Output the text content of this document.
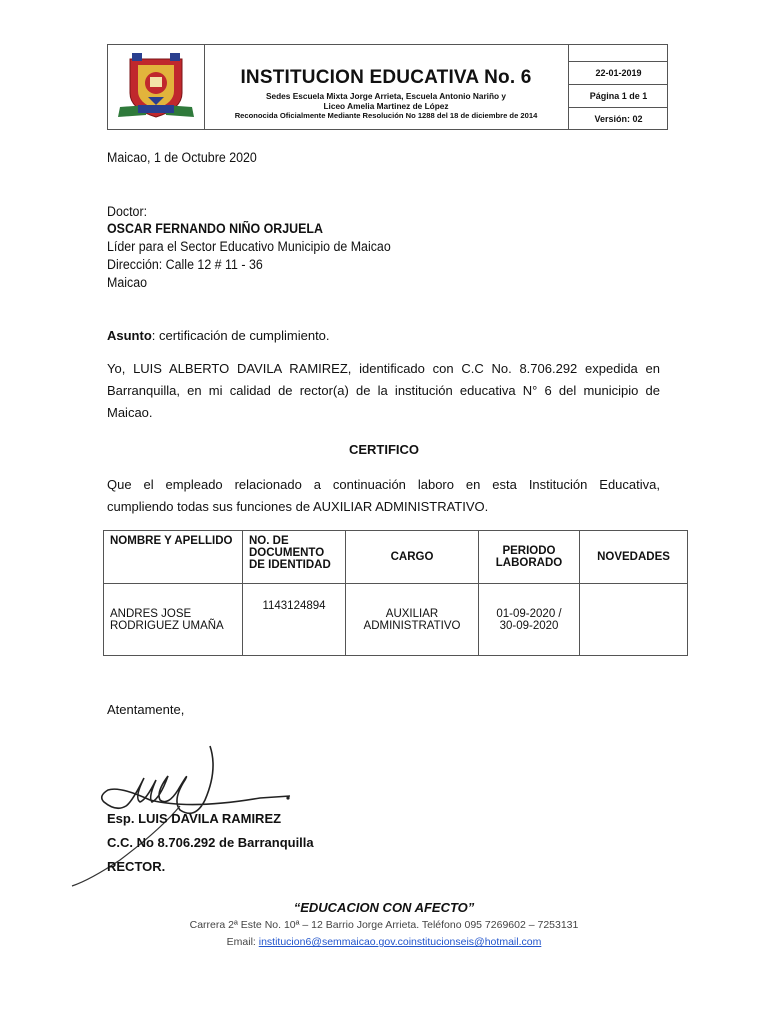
INSTITUCION EDUCATIVA No. 6
Sedes Escuela Mixta Jorge Arrieta, Escuela Antonio Nariño y
Liceo Amelia Martinez de López
Reconocida Oficialmente Mediante Resolución No 1288 del 18 de diciembre de 2014
22-01-2019
Página 1 de 1
Versión: 02
Maicao, 1 de Octubre 2020
Doctor:
OSCAR FERNANDO NIÑO ORJUELA
Líder para el Sector Educativo Municipio de Maicao
Dirección: Calle 12 # 11 - 36
Maicao
Asunto: certificación de cumplimiento.
Yo, LUIS ALBERTO DAVILA RAMIREZ, identificado con C.C No. 8.706.292 expedida en
Barranquilla, en mi calidad de rector(a) de la institución educativa N° 6 del municipio de
Maicao.
CERTIFICO
Que el empleado relacionado a continuación laboro en esta Institución Educativa,
cumpliendo todas sus funciones de AUXILIAR ADMINISTRATIVO.
NOMBRE Y APELLIDO	NO. DE
DOCUMENTO
DE IDENTIDAD	CARGO	PERIODO
LABORADO	NOVEDADES
ANDRES JOSE
RODRIGUEZ UMAÑA	1143124894	AUXILIAR
ADMINISTRATIVO	01-09-2020 /
30-09-2020	
Atentamente,
Esp. LUIS DAVILA RAMIREZ
C.C. No 8.706.292 de Barranquilla
RECTOR.
“EDUCACION CON AFECTO”
Carrera 2ª Este No. 10ª – 12 Barrio Jorge Arrieta. Teléfono 095 7269602 – 7253131
Email: institucion6@semmaicao.gov.coinstitucionseis@hotmail.com
